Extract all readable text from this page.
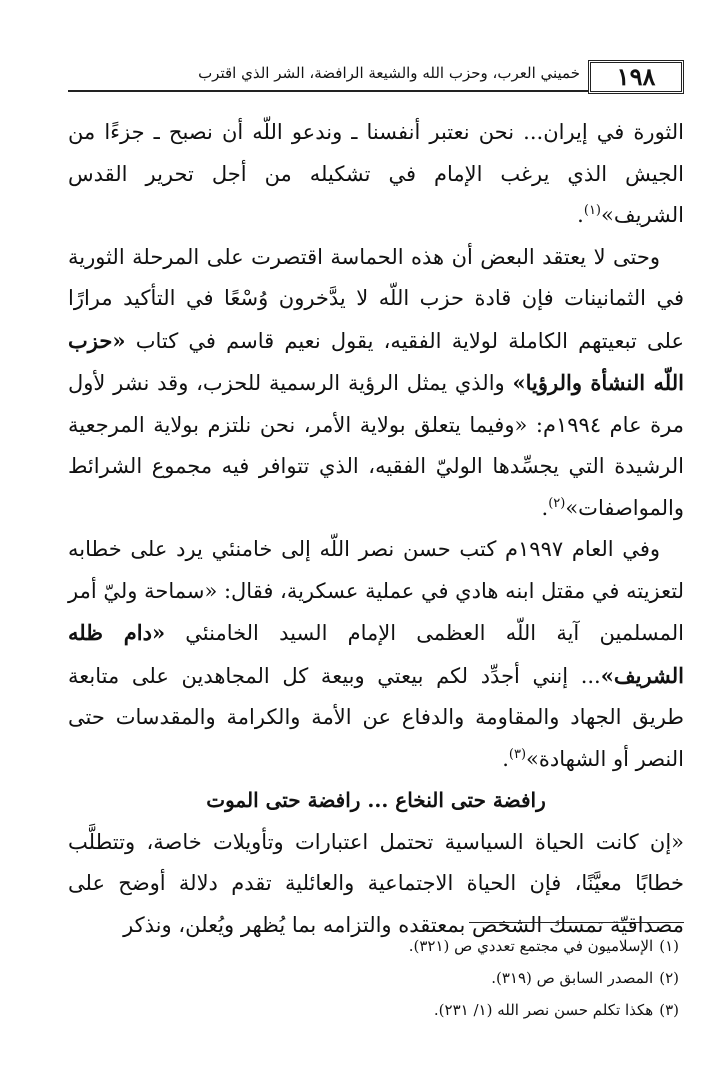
١٩٨
خميني العرب، وحزب الله والشيعة الرافضة، الشر الذي اقترب

الثورة في إيران... نحن نعتبر أنفسنا ـ وندعو اللّه أن نصبح ـ جزءًا من الجيش الذي يرغب الإمام في تشكيله من أجل تحرير القدس الشريف»$^{(١)}$.

وحتى لا يعتقد البعض أن هذه الحماسة اقتصرت على المرحلة الثورية في الثمانينات فإن قادة حزب اللّه لا يدَّخرون وُسْعًا في التأكيد مرارًا على تبعيتهم الكاملة لولاية الفقيه، يقول نعيم قاسم في كتاب «حزب اللّه النشأة والرؤيا» والذي يمثل الرؤية الرسمية للحزب، وقد نشر لأول مرة عام ١٩٩٤م: «وفيما يتعلق بولاية الأمر، نحن نلتزم بولاية المرجعية الرشيدة التي يجسِّدها الوليّ الفقيه، الذي تتوافر فيه مجموع الشرائط والمواصفات»$^{(٢)}$.

وفي العام ١٩٩٧م كتب حسن نصر اللّه إلى خامنئي يرد على خطابه لتعزيته في مقتل ابنه هادي في عملية عسكرية، فقال: «سماحة وليّ أمر المسلمين آية اللّه العظمى الإمام السيد الخامنئي «دام ظله الشريف»... إنني أجدِّد لكم بيعتي وبيعة كل المجاهدين على متابعة طريق الجهاد والمقاومة والدفاع عن الأمة والكرامة والمقدسات حتى النصر أو الشهادة»$^{(٣)}$.

رافضة حتى النخاع ... رافضة حتى الموت

«إن كانت الحياة السياسية تحتمل اعتبارات وتأويلات خاصة، وتتطلَّب خطابًا معيَّنًا، فإن الحياة الاجتماعية والعائلية تقدم دلالة أوضح على مصداقيّة تمسك الشخص بمعتقده والتزامه بما يُظهر ويُعلن، ونذكر

(١)الإسلاميون في مجتمع تعددي ص (٣٢١).
(٢)المصدر السابق ص (٣١٩).
(٣)هكذا تكلم حسن نصر الله (١/ ٢٣١).
